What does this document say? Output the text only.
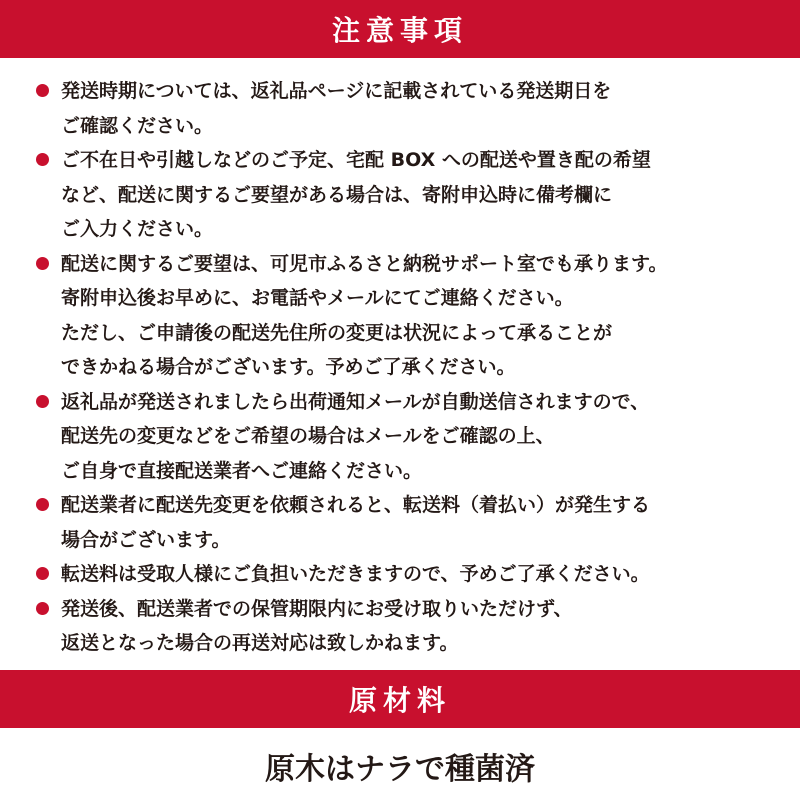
注意事項
発送時期については、返礼品ページに記載されている発送期日を
ご確認ください。
ご不在日や引越しなどのご予定、宅配 BOX への配送や置き配の希望
など、配送に関するご要望がある場合は、寄附申込時に備考欄に
ご入力ください。
配送に関するご要望は、可児市ふるさと納税サポート室でも承ります。
寄附申込後お早めに、お電話やメールにてご連絡ください。
ただし、ご申請後の配送先住所の変更は状況によって承ることが
できかねる場合がございます。予めご了承ください。
返礼品が発送されましたら出荷通知メールが自動送信されますので、
配送先の変更などをご希望の場合はメールをご確認の上、
ご自身で直接配送業者へご連絡ください。
配送業者に配送先変更を依頼されると、転送料（着払い）が発生する
場合がございます。
転送料は受取人様にご負担いただきますので、予めご了承ください。
発送後、配送業者での保管期限内にお受け取りいただけず、
返送となった場合の再送対応は致しかねます。
原材料
原木はナラで種菌済
